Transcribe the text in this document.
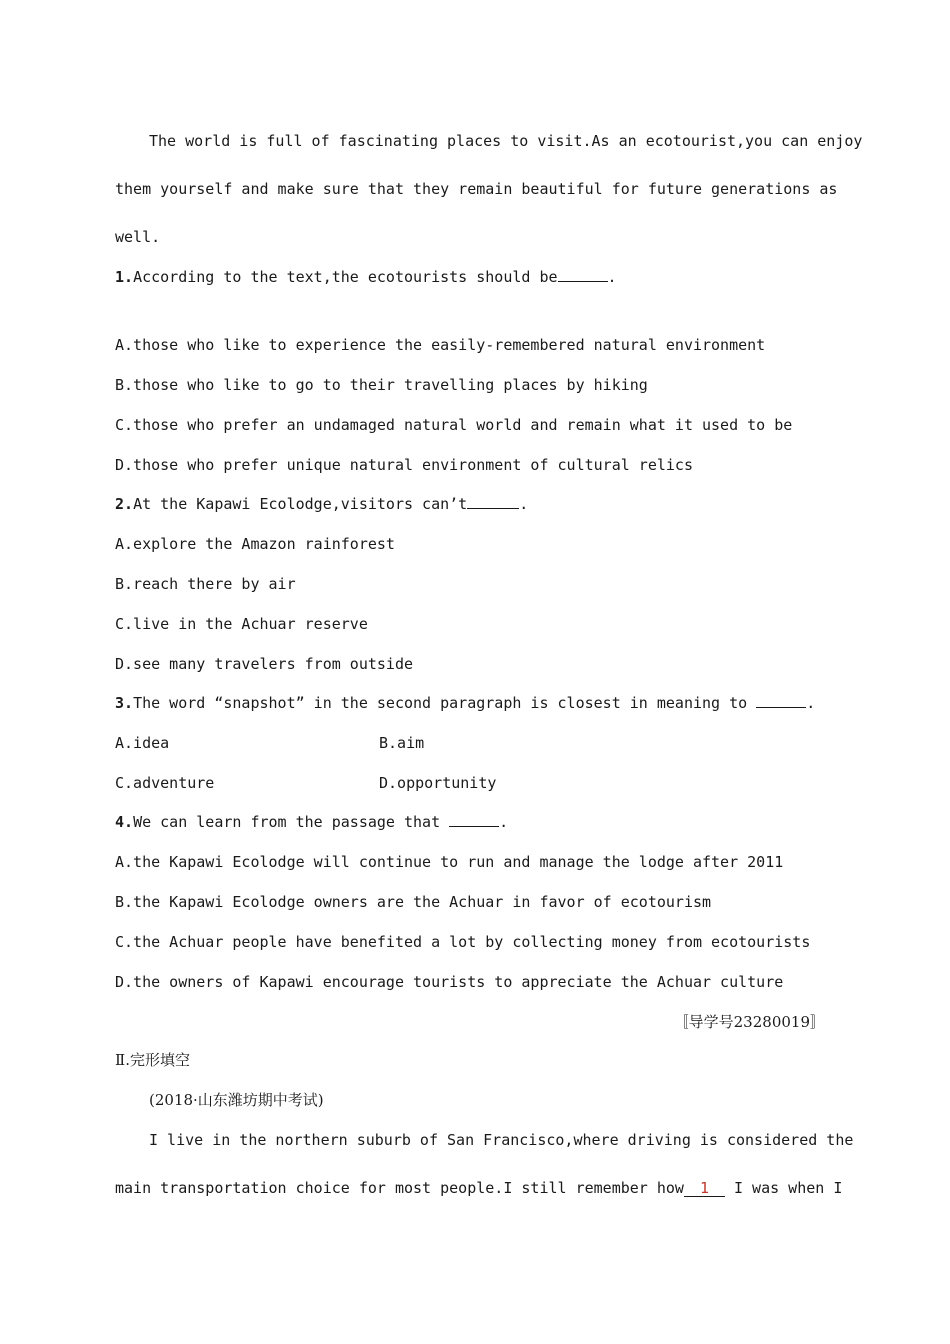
The world is full of fascinating places to visit.As an ecotourist,you can enjoy
them yourself and make sure that they remain beautiful for future generations as
well.
1.According to the text,the ecotourists should be	.
A.those who like to experience the easily-remembered natural environment
B.those who like to go to their travelling places by hiking
C.those who prefer an undamaged natural world and remain what it used to be
D.those who prefer unique natural environment of cultural relics
2.At the Kapawi Ecolodge,visitors can’t	.
A.explore the Amazon rainforest
B.reach there by air
C.live in the Achuar reserve
D.see many travelers from outside
3.The word “snapshot” in the second paragraph is closest in meaning to	.
A.idea	B.aim
C.adventure	D.opportunity
4.We can learn from the passage that	.
A.the Kapawi Ecolodge will continue to run and manage the lodge after 2011
B.the Kapawi Ecolodge owners are the Achuar in favor of ecotourism
C.the Achuar people have benefited a lot by collecting money from ecotourists
D.the owners of Kapawi encourage tourists to appreciate the Achuar culture
〚导学号23280019〛
Ⅱ.完形填空
(2018·山东潍坊期中考试)
I live in the northern suburb of San Francisco,where driving is considered the
main transportation choice for most people.I still remember how 1 I was when I
